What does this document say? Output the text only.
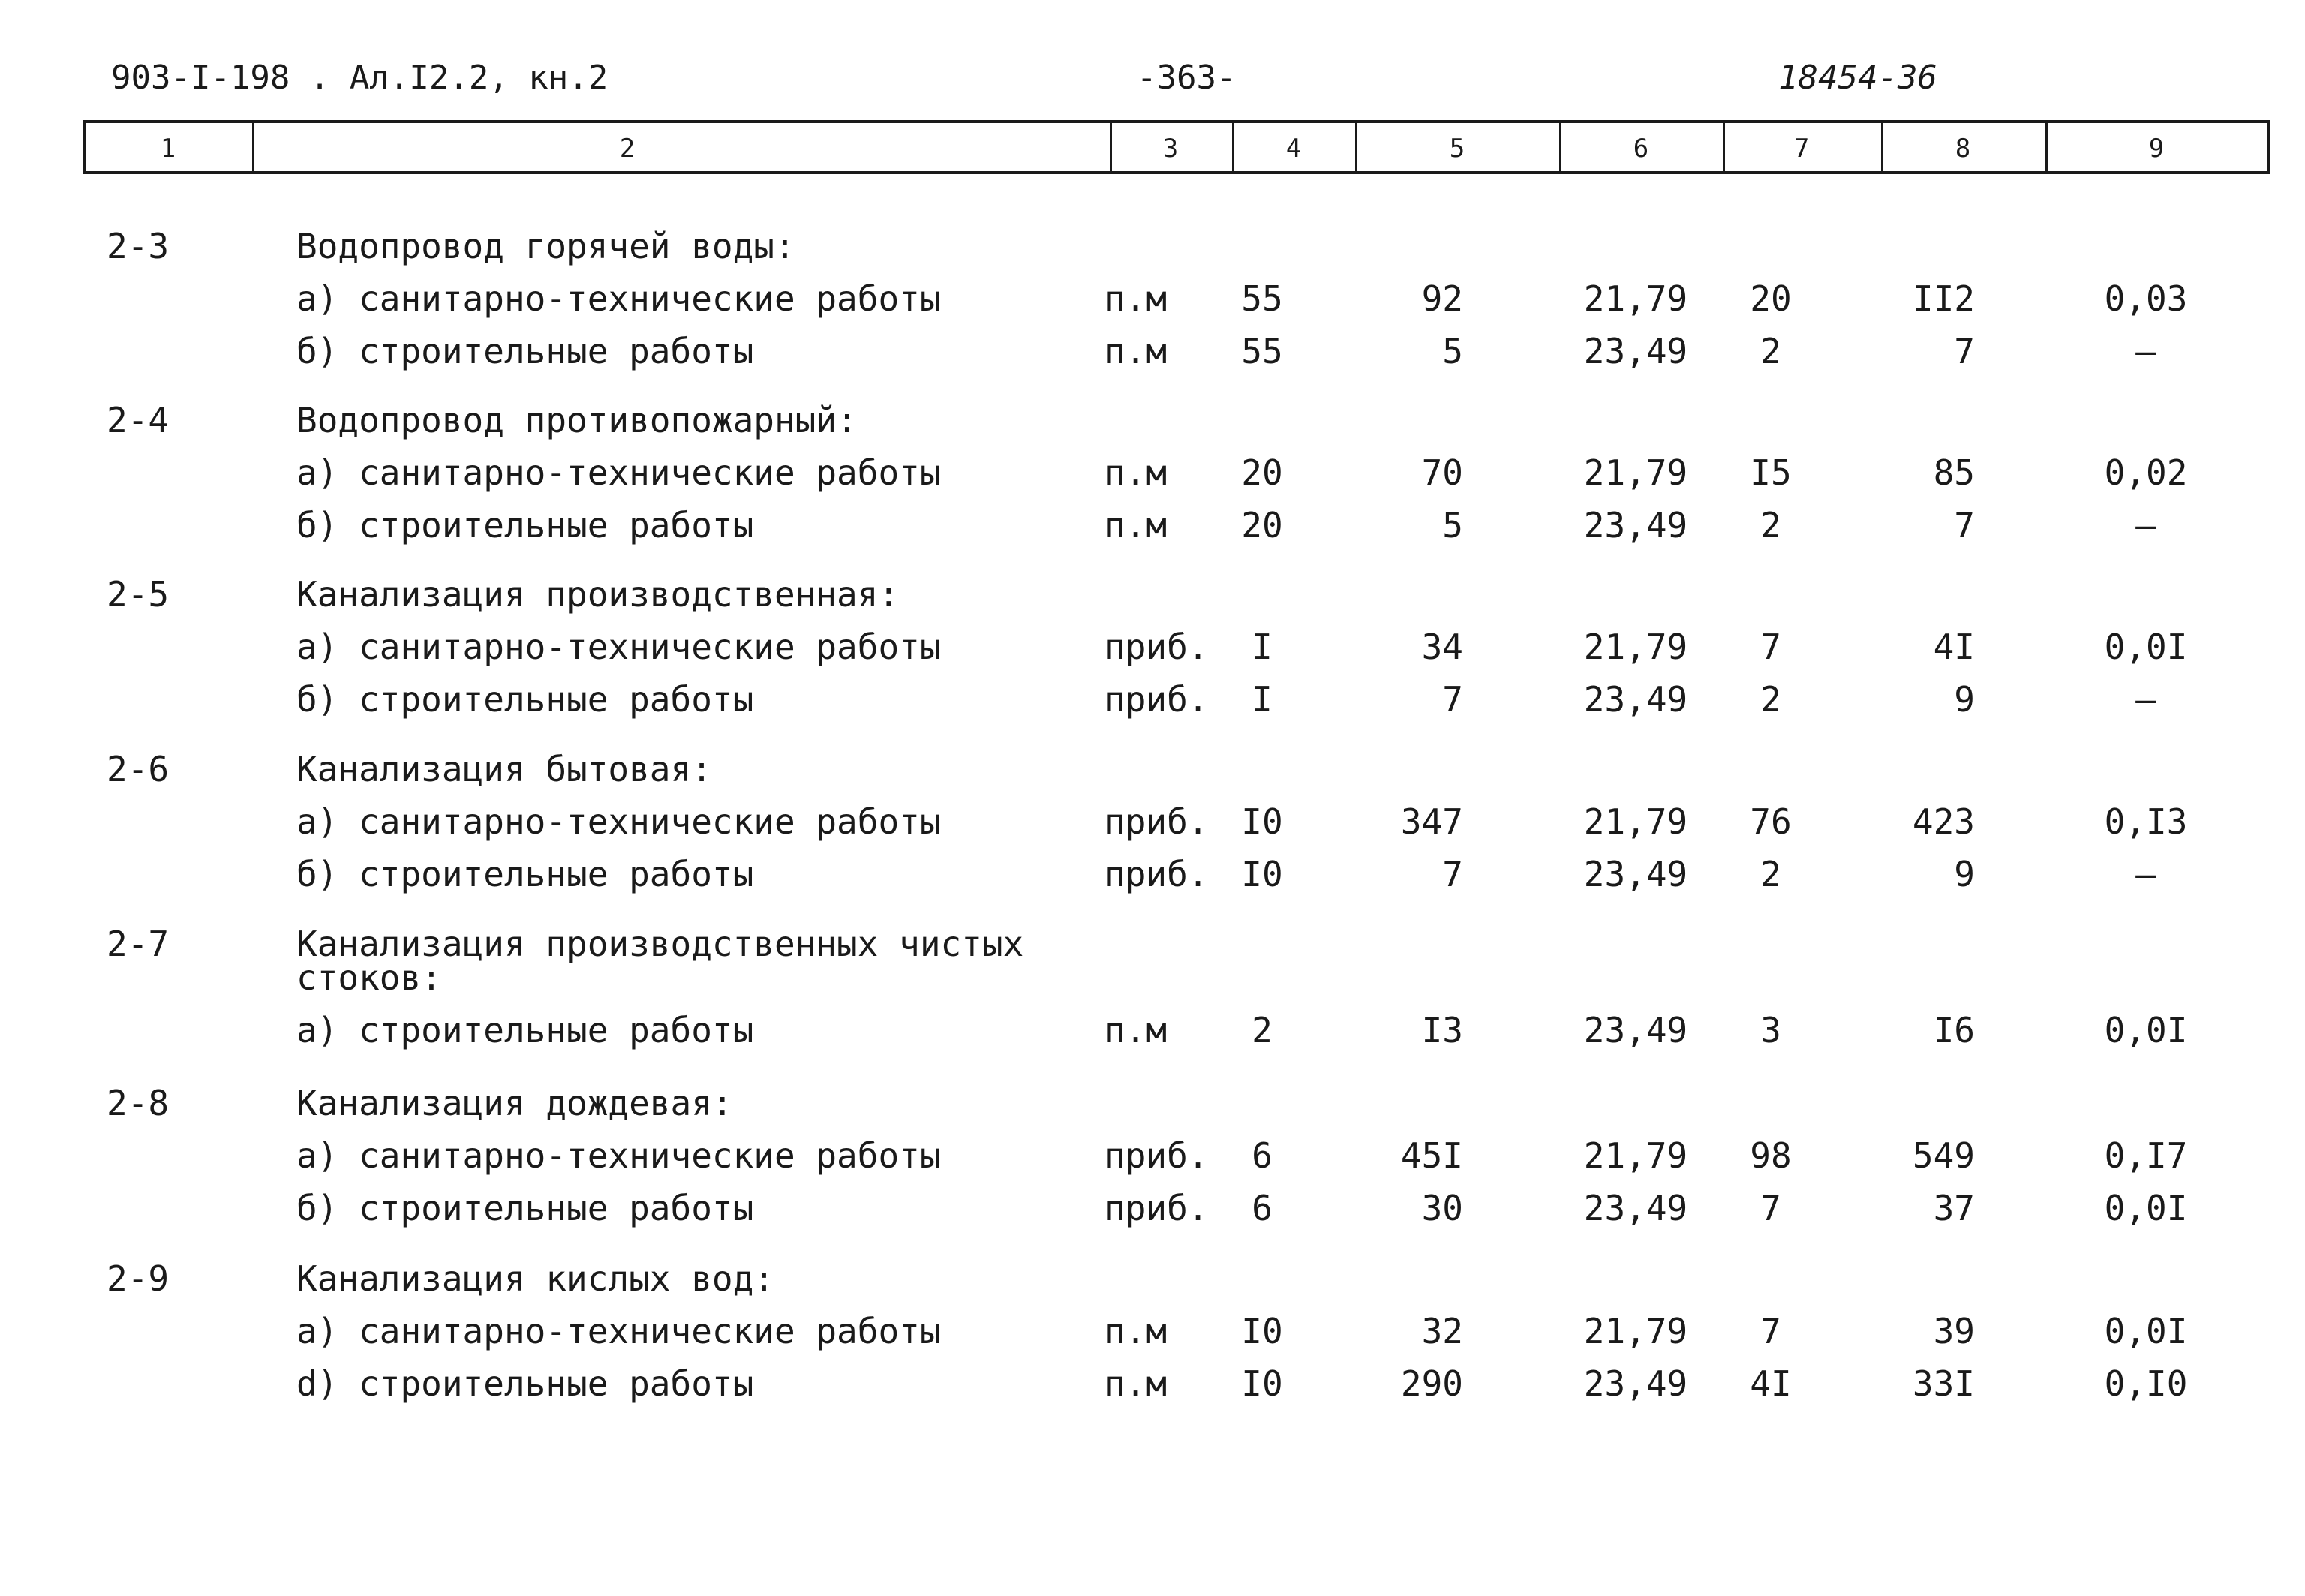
903-I-198 . Ал.I2.2, кн.2	-363-	18454-36
1	2	3	4	5	6	7	8	9
2-3	Водопровод горячей воды:
а) санитарно-технические работы	п.м 55	92	21,79 20	II2	0,03
б) строительные работы	п.м 55	5	23,49 2	7	–
2-4	Водопровод противопожарный:
а) санитарно-технические работы	п.м 20	70	21,79 I5	85	0,02
б) строительные работы	п.м 20	5	23,49 2	7	–
2-5	Канализация производственная:
а) санитарно-технические работы	приб. I	34	21,79 7	4I	0,0I
б) строительные работы	приб. I	7	23,49 2	9	–
2-6	Канализация бытовая:
а) санитарно-технические работы	приб. I0	347	21,79 76	423	0,I3
б) строительные работы	приб. I0	7	23,49 2	9	–
2-7	Канализация производственных чистых
стоков:
а) строительные работы	п.м 2	I3	23,49 3	I6	0,0I
2-8	Канализация дождевая:
а) санитарно-технические работы	приб. 6	45I	21,79 98	549	0,I7
б) строительные работы	приб. 6	30	23,49 7	37	0,0I
2-9	Канализация кислых вод:
а) санитарно-технические работы	п.м I0	32	21,79 7	39	0,0I
d) строительные работы	п.м I0	290	23,49 4I	33I	0,I0
